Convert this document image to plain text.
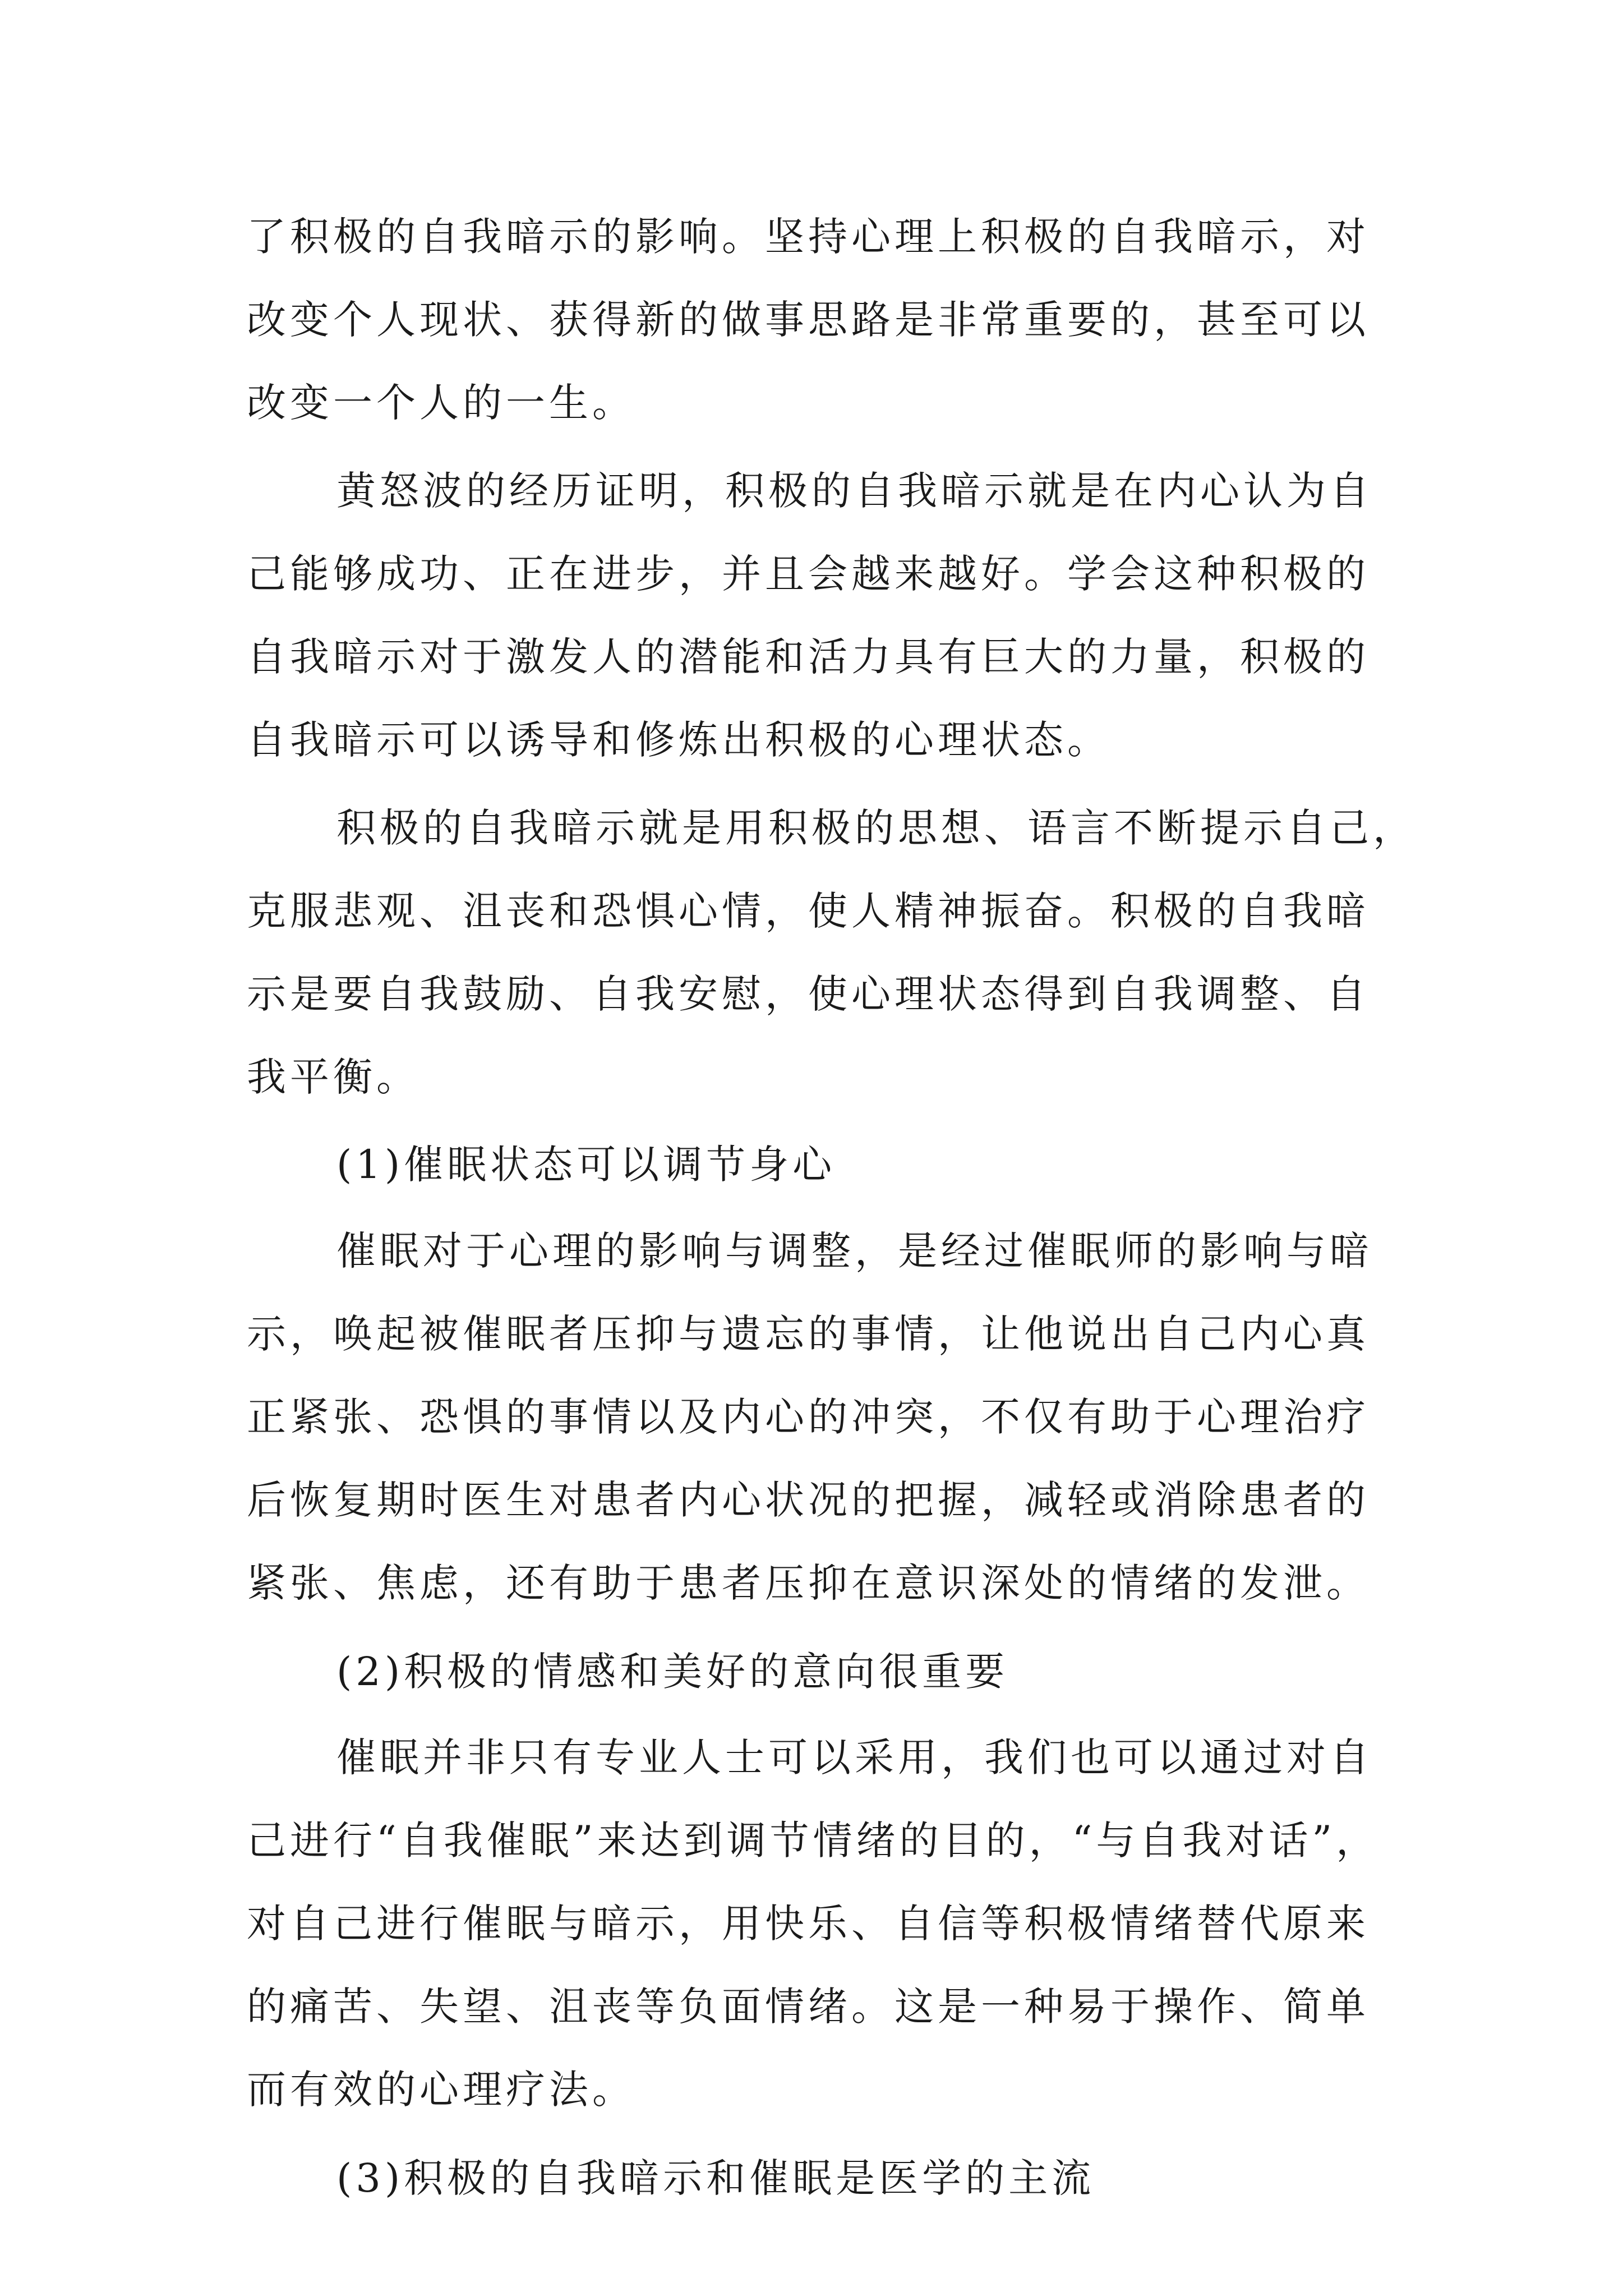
了积极的自我暗示的影响。坚持心理上积极的自我暗示，对
改变个人现状、获得新的做事思路是非常重要的，甚至可以
改变一个人的一生。
黄怒波的经历证明，积极的自我暗示就是在内心认为自
己能够成功、正在进步，并且会越来越好。学会这种积极的
自我暗示对于激发人的潜能和活力具有巨大的力量，积极的
自我暗示可以诱导和修炼出积极的心理状态。
积极的自我暗示就是用积极的思想、语言不断提示自己，
克服悲观、沮丧和恐惧心情，使人精神振奋。积极的自我暗
示是要自我鼓励、自我安慰，使心理状态得到自我调整、自
我平衡。
(1)催眠状态可以调节身心
催眠对于心理的影响与调整，是经过催眠师的影响与暗
示，唤起被催眠者压抑与遗忘的事情，让他说出自己内心真
正紧张、恐惧的事情以及内心的冲突，不仅有助于心理治疗
后恢复期时医生对患者内心状况的把握，减轻或消除患者的
紧张、焦虑，还有助于患者压抑在意识深处的情绪的发泄。
(2)积极的情感和美好的意向很重要
催眠并非只有专业人士可以采用，我们也可以通过对自
己进行“自我催眠”来达到调节情绪的目的，“与自我对话”，
对自己进行催眠与暗示，用快乐、自信等积极情绪替代原来
的痛苦、失望、沮丧等负面情绪。这是一种易于操作、简单
而有效的心理疗法。
(3)积极的自我暗示和催眠是医学的主流
